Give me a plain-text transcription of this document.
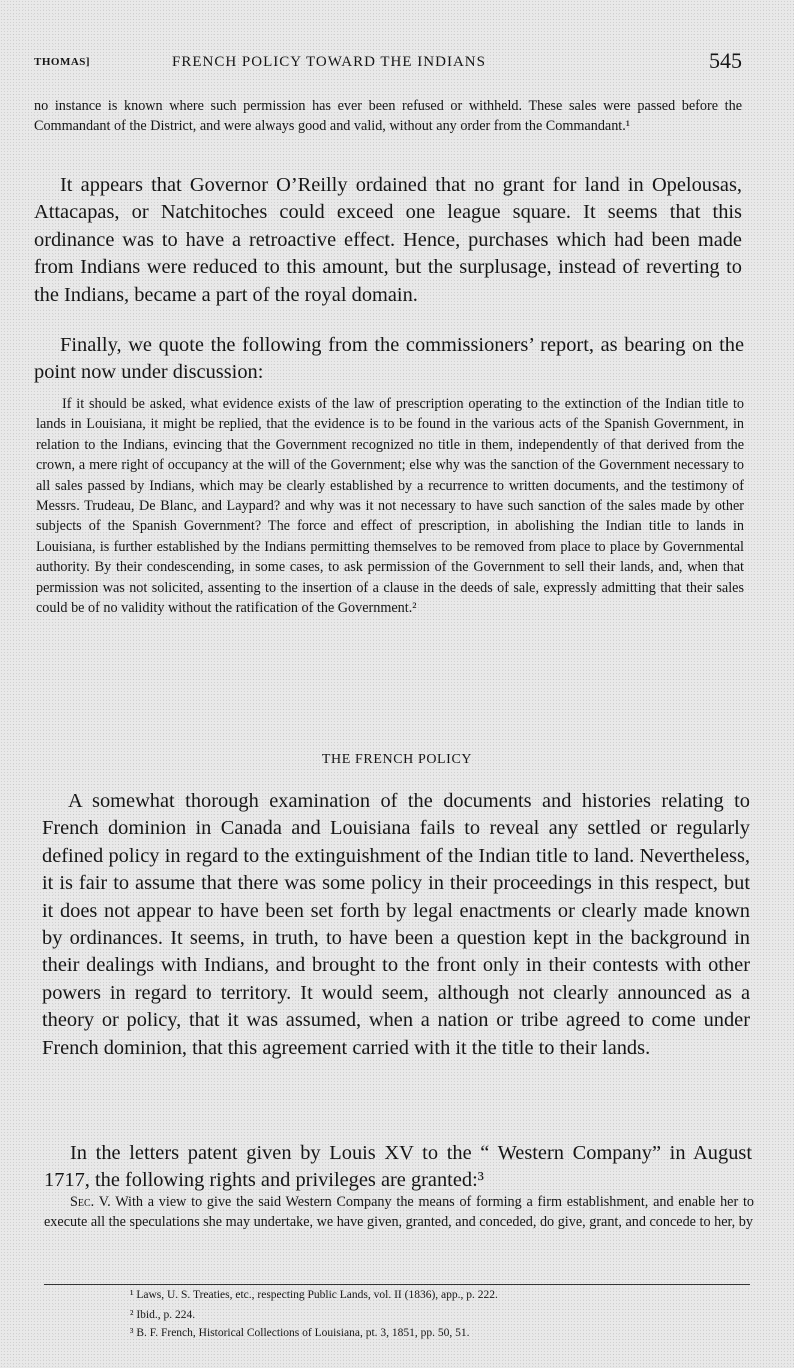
THOMAS]	FRENCH POLICY TOWARD THE INDIANS	545

no instance is known where such permission has ever been refused or withheld. These sales were passed before the Commandant of the District, and were always good and valid, without any order from the Commandant.¹

It appears that Governor O’Reilly ordained that no grant for land in Opelousas, Attacapas, or Natchitoches could exceed one league square. It seems that this ordinance was to have a retroactive effect. Hence, purchases which had been made from Indians were reduced to this amount, but the surplusage, instead of reverting to the Indians, became a part of the royal domain.

Finally, we quote the following from the commissioners’ report, as bearing on the point now under discussion:

If it should be asked, what evidence exists of the law of prescription operating to the extinction of the Indian title to lands in Louisiana, it might be replied, that the evidence is to be found in the various acts of the Spanish Government, in relation to the Indians, evincing that the Government recognized no title in them, independently of that derived from the crown, a mere right of occupancy at the will of the Government; else why was the sanction of the Government necessary to all sales passed by Indians, which may be clearly established by a recurrence to written documents, and the testimony of Messrs. Trudeau, De Blanc, and Laypard? and why was it not necessary to have such sanction of the sales made by other subjects of the Spanish Government? The force and effect of prescription, in abolishing the Indian title to lands in Louisiana, is further established by the Indians permitting themselves to be removed from place to place by Governmental authority. By their condescending, in some cases, to ask permission of the Government to sell their lands, and, when that permission was not solicited, assenting to the insertion of a clause in the deeds of sale, expressly admitting that their sales could be of no validity without the ratification of the Government.²

THE FRENCH POLICY

A somewhat thorough examination of the documents and histories relating to French dominion in Canada and Louisiana fails to reveal any settled or regularly defined policy in regard to the extinguishment of the Indian title to land. Nevertheless, it is fair to assume that there was some policy in their proceedings in this respect, but it does not appear to have been set forth by legal enactments or clearly made known by ordinances. It seems, in truth, to have been a question kept in the background in their dealings with Indians, and brought to the front only in their contests with other powers in regard to territory. It would seem, although not clearly announced as a theory or policy, that it was assumed, when a nation or tribe agreed to come under French dominion, that this agreement carried with it the title to their lands.

In the letters patent given by Louis XV to the “ Western Company” in August 1717, the following rights and privileges are granted:³

Sec. V. With a view to give the said Western Company the means of forming a firm establishment, and enable her to execute all the speculations she may undertake, we have given, granted, and conceded, do give, grant, and concede to her, by

¹ Laws, U. S. Treaties, etc., respecting Public Lands, vol. II (1836), app., p. 222.
² Ibid., p. 224.
³ B. F. French, Historical Collections of Louisiana, pt. 3, 1851, pp. 50, 51.
